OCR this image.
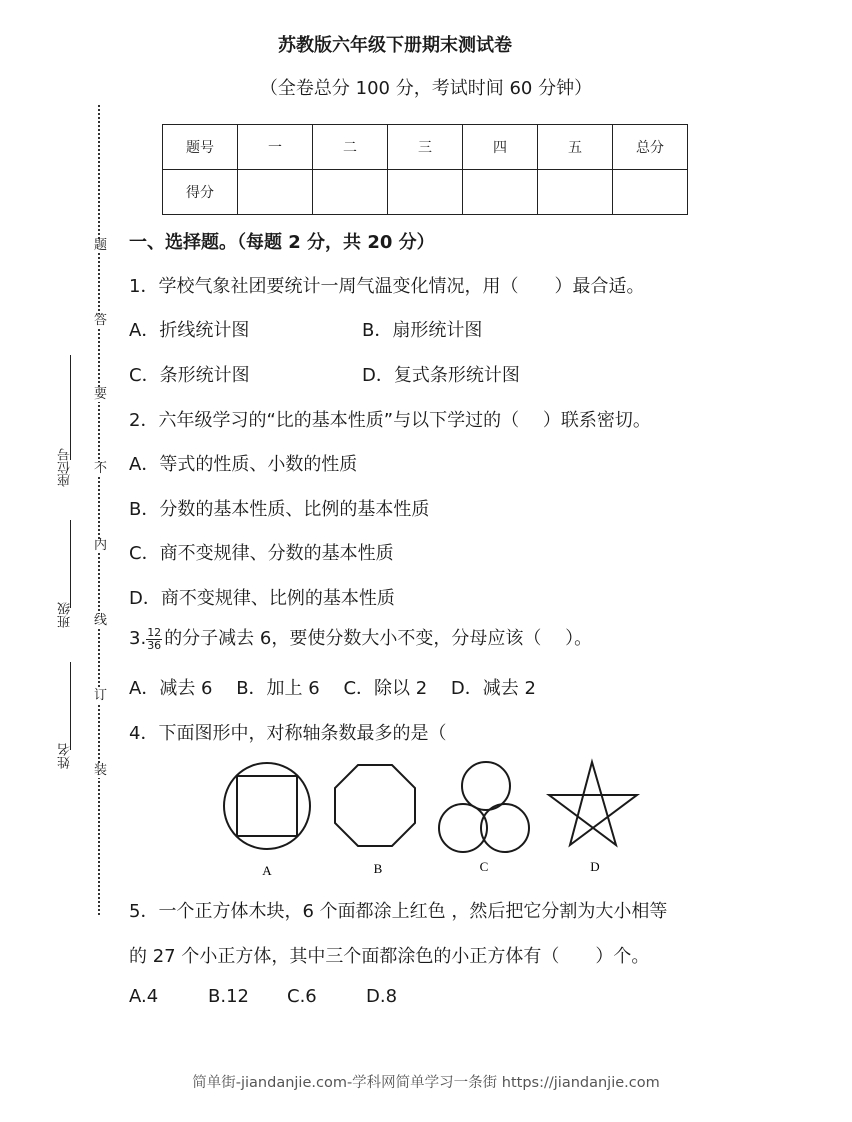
苏教版六年级下册期末测试卷
（全卷总分 100 分，考试时间 60 分钟）
题号	一	二	三	四	五	总分
得分						
题
答
要
不
内
线
订
装
座位号
班级
姓名
一、选择题。（每题 2 分，共 20 分）
1．学校气象社团要统计一周气温变化情况，用（　　）最合适。
A．折线统计图	B．扇形统计图
C．条形统计图	D．复式条形统计图
2．六年级学习的“比的基本性质”与以下学过的（　 ）联系密切。
A．等式的性质、小数的性质
B．分数的基本性质、比例的基本性质
C．商不变规律、分数的基本性质
D．商不变规律、比例的基本性质
3. $\frac{12}{36}$ 的分子减去 6，要使分数大小不变，分母应该（　 ）。
A．减去 6　 B．加上 6　 C．除以 2　 D．减去 2
4．下面图形中，对称轴条数最多的是（
A	B	C	D
5．一个正方体木块，6 个面都涂上红色 ，然后把它分割为大小相等
的 27 个小正方体，其中三个面都涂色的小正方体有（　　）个。
A.4	B.12 C.6	D.8
简单街-jiandanjie.com-学科网简单学习一条街 https://jiandanjie.com
